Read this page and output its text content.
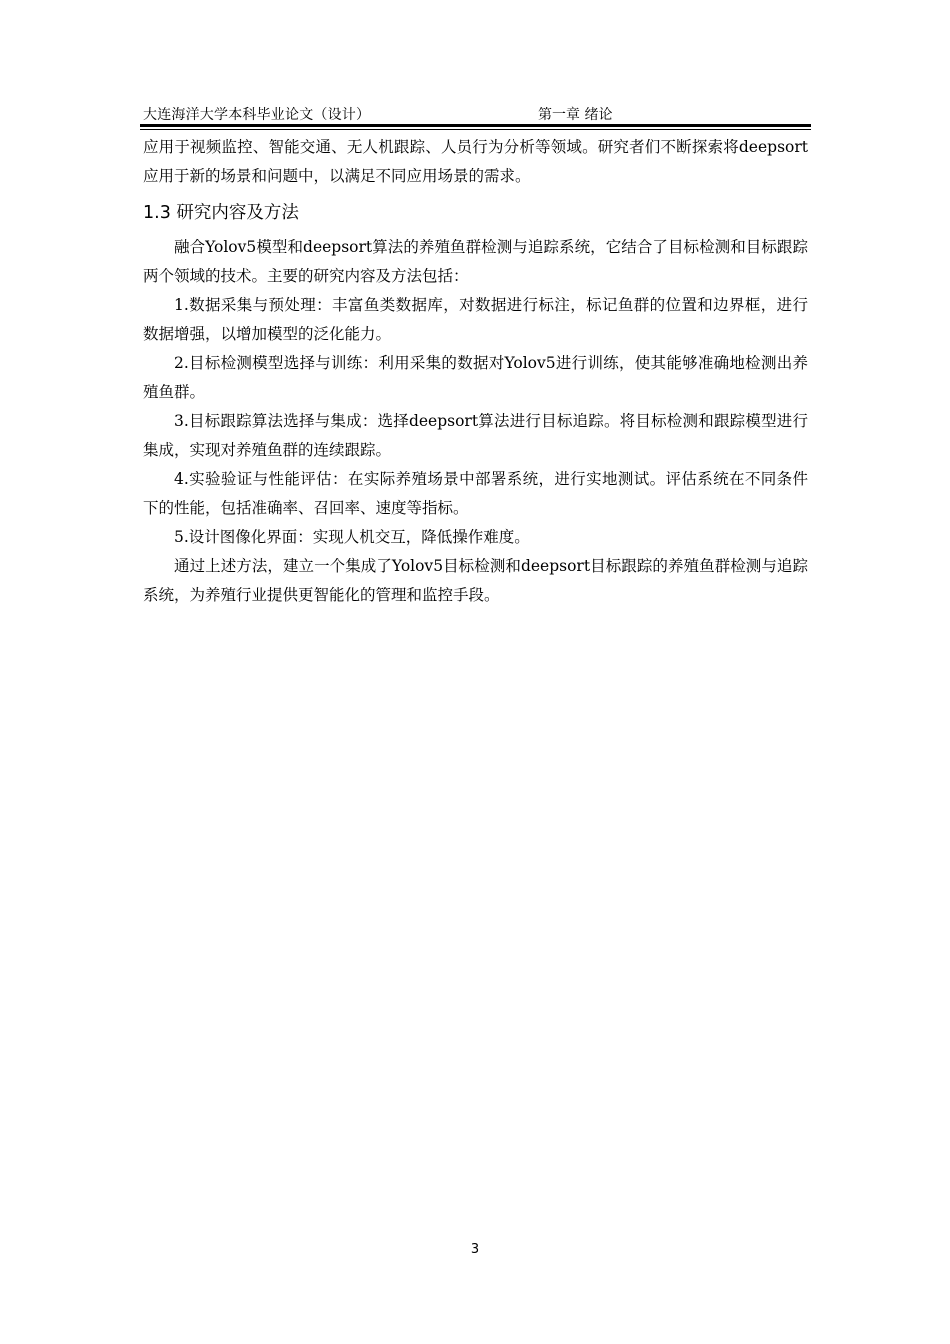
大连海洋大学本科毕业论文（设计）	第一章 绪论

应用于视频监控、智能交通、无人机跟踪、人员行为分析等领域。研究者们不断探索将deepsort应用于新的场景和问题中，以满足不同应用场景的需求。

1.3 研究内容及方法

融合Yolov5模型和deepsort算法的养殖鱼群检测与追踪系统，它结合了目标检测和目标跟踪两个领域的技术。主要的研究内容及方法包括：

1.数据采集与预处理：丰富鱼类数据库，对数据进行标注，标记鱼群的位置和边界框，进行数据增强，以增加模型的泛化能力。

2.目标检测模型选择与训练：利用采集的数据对Yolov5进行训练，使其能够准确地检测出养殖鱼群。

3.目标跟踪算法选择与集成：选择deepsort算法进行目标追踪。将目标检测和跟踪模型进行集成，实现对养殖鱼群的连续跟踪。

4.实验验证与性能评估：在实际养殖场景中部署系统，进行实地测试。评估系统在不同条件下的性能，包括准确率、召回率、速度等指标。

5.设计图像化界面：实现人机交互，降低操作难度。

通过上述方法，建立一个集成了Yolov5目标检测和deepsort目标跟踪的养殖鱼群检测与追踪系统，为养殖行业提供更智能化的管理和监控手段。

3
